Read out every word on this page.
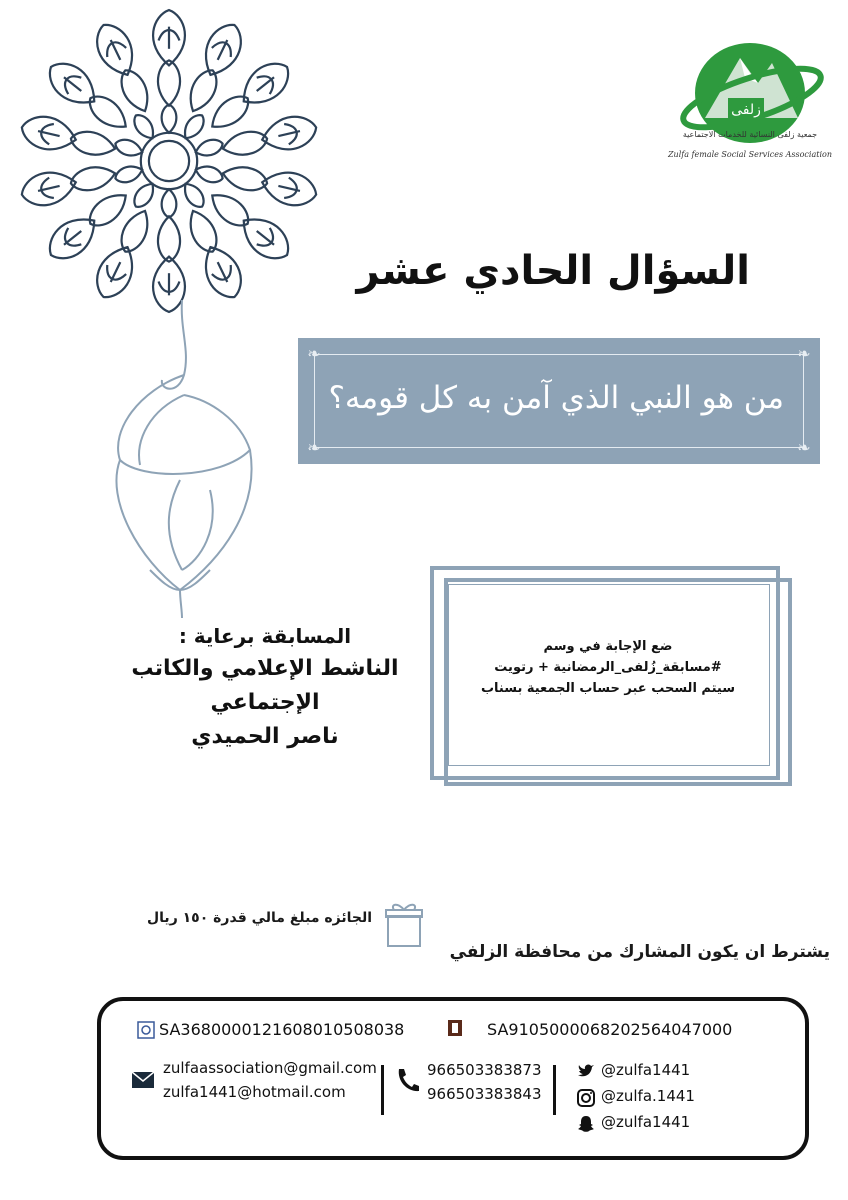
زلفى
جمعية زلفى النسائية للخدمات الاجتماعية
Zulfa female Social Services Association
السؤال الحادي عشر
❧	❧
❧	❧
من هو النبي الذي آمن به كل قومه؟
ضع الإجابة في وسم
#مسابقة_زُلفى_الرمضانية + رتويت
سيتم السحب عبر حساب الجمعية بسناب
المسابقة برعاية :
الناشط الإعلامي والكاتب الإجتماعي
ناصر الحميدي
الجائزه مبلغ مالي قدرة ١٥٠ ريال
يشترط ان يكون المشارك من محافظة الزلفي
SA3680000121608010508038	SA9105000068202564047000
zulfaassociation@gmail.com
zulfa1441@hotmail.com
966503383873
966503383843
@zulfa1441
@zulfa.1441
@zulfa1441
